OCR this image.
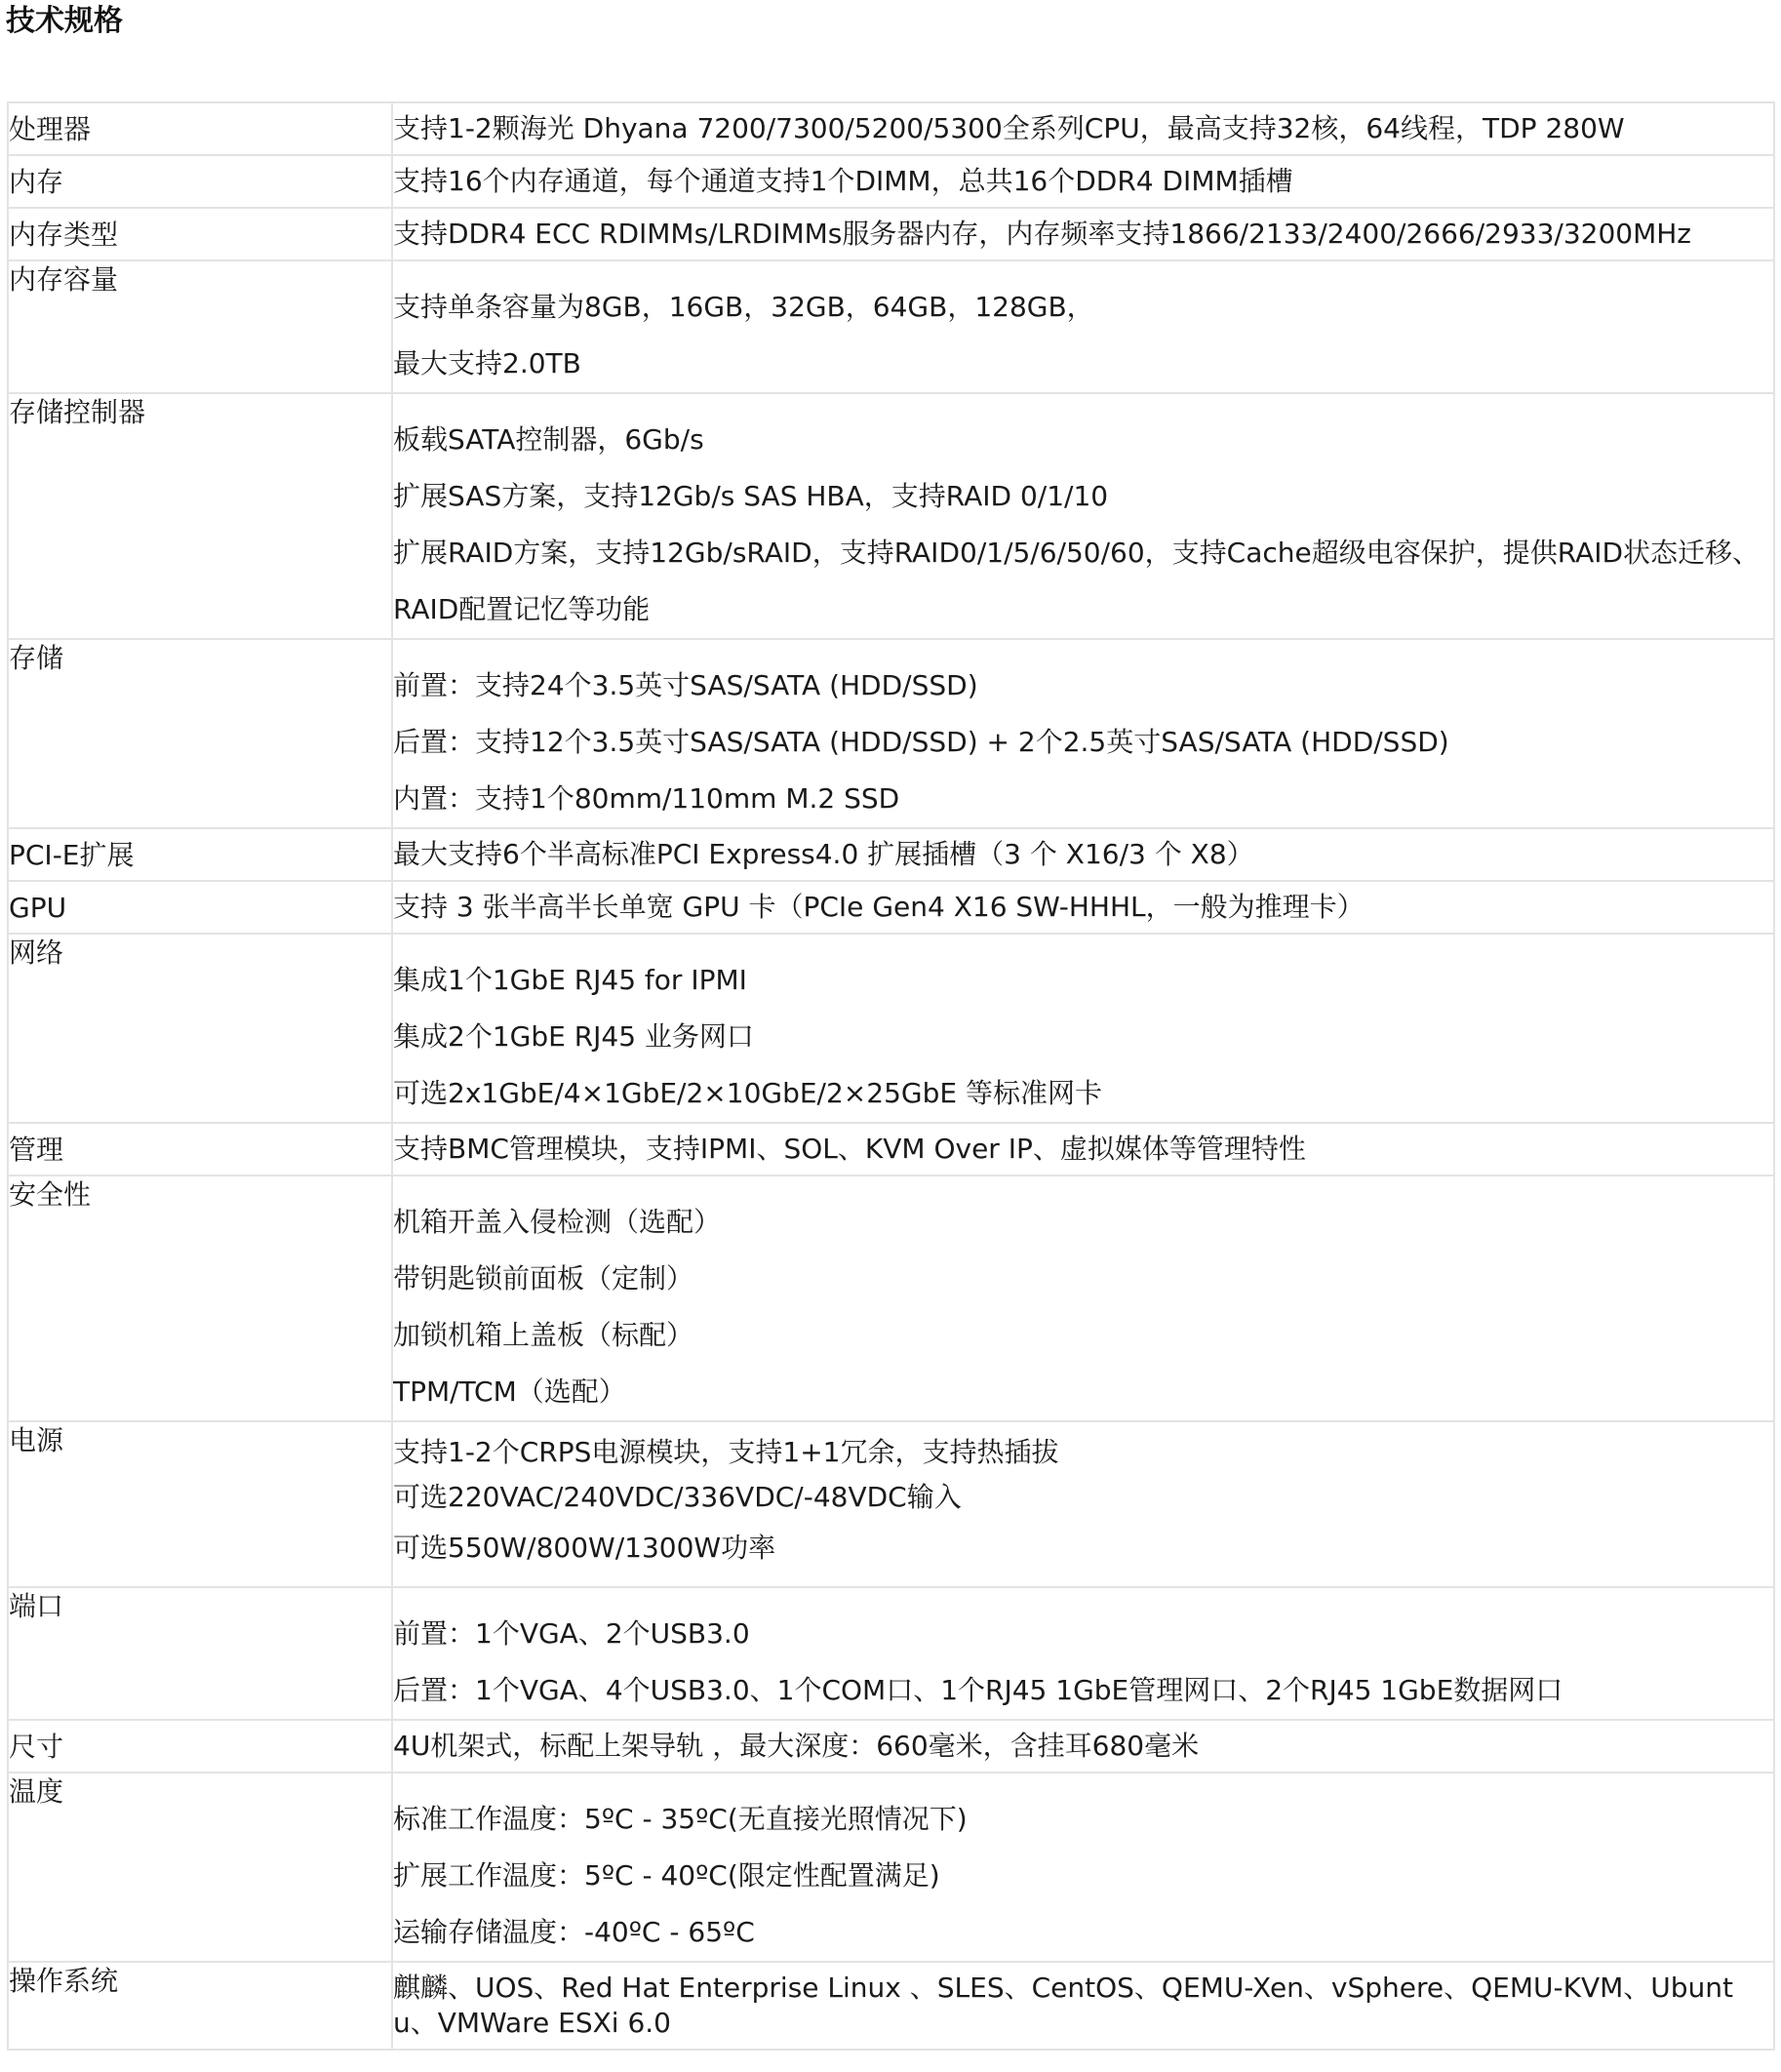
技术规格
处理器	支持1-2颗海光 Dhyana 7200/7300/5200/5300全系列CPU，最高支持32核，64线程，TDP 280W

内存	支持16个内存通道，每个通道支持1个DIMM，总共16个DDR4 DIMM插槽

内存类型	支持DDR4 ECC RDIMMs/LRDIMMs服务器内存，内存频率支持1866/2133/2400/2666/2933/3200MHz

内存容量	支持单条容量为8GB，16GB，32GB，64GB，128GB，
最大支持2.0TB

存储控制器	板载SATA控制器，6Gb/s
扩展SAS方案，支持12Gb/s SAS HBA，支持RAID 0/1/10
扩展RAID方案，支持12Gb/sRAID，支持RAID0/1/5/6/50/60，支持Cache超级电容保护，提供RAID状态迁移、RAID配置记忆等功能

存储	前置：支持24个3.5英寸SAS/SATA (HDD/SSD)
后置：支持12个3.5英寸SAS/SATA (HDD/SSD) + 2个2.5英寸SAS/SATA (HDD/SSD)
内置：支持1个80mm/110mm M.2 SSD

PCI-E扩展	最大支持6个半高标准PCI Express4.0 扩展插槽（3 个 X16/3 个 X8）

GPU	支持 3 张半高半长单宽 GPU 卡（PCIe Gen4 X16 SW-HHHL，一般为推理卡）

网络	集成1个1GbE RJ45 for IPMI
集成2个1GbE RJ45 业务网口
可选2x1GbE/4×1GbE/2×10GbE/2×25GbE 等标准网卡

管理	支持BMC管理模块，支持IPMI、SOL、KVM Over IP、虚拟媒体等管理特性

安全性	机箱开盖入侵检测（选配）
带钥匙锁前面板（定制）
加锁机箱上盖板（标配）
TPM/TCM（选配）

电源	支持1-2个CRPS电源模块，支持1+1冗余，支持热插拔
可选220VAC/240VDC/336VDC/-48VDC输入
可选550W/800W/1300W功率

端口	前置：1个VGA、2个USB3.0
后置：1个VGA、4个USB3.0、1个COM口、1个RJ45 1GbE管理网口、2个RJ45 1GbE数据网口

尺寸	4U机架式，标配上架导轨 ，最大深度：660毫米，含挂耳680毫米

温度	标准工作温度：5ºC - 35ºC(无直接光照情况下)
扩展工作温度：5ºC - 40ºC(限定性配置满足)
运输存储温度：-40ºC - 65ºC

操作系统	麒麟、UOS、Red Hat Enterprise Linux 、SLES、CentOS、QEMU-Xen、vSphere、QEMU-KVM、Ubuntu、VMWare ESXi 6.0
